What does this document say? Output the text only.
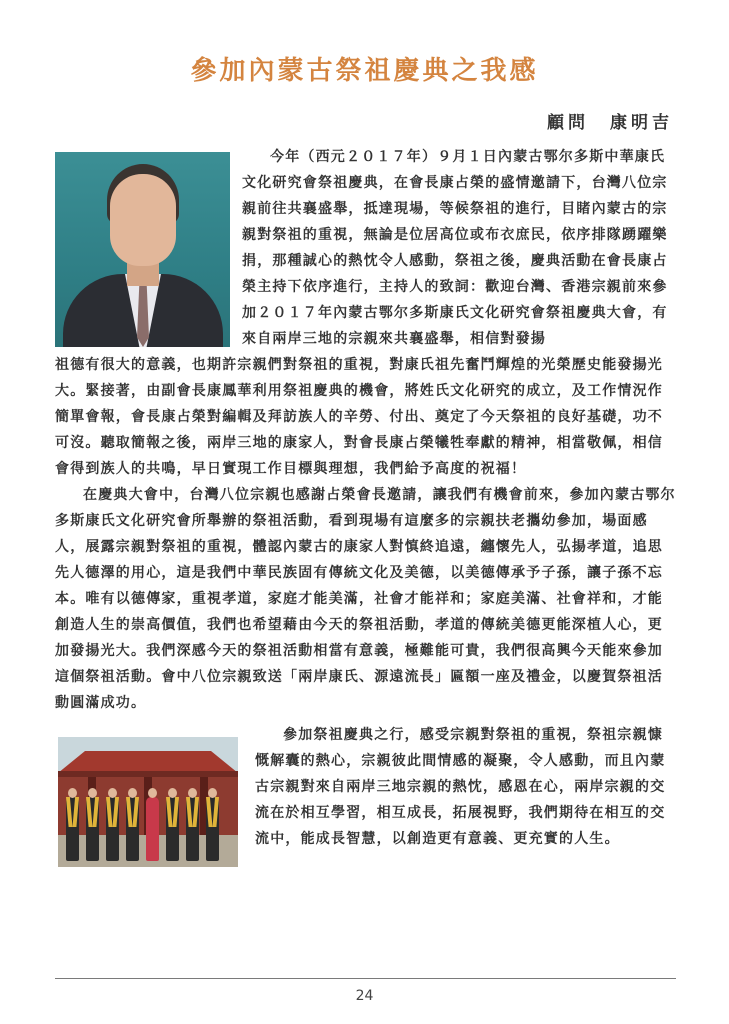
參加內蒙古祭祖慶典之我感
顧問　康明吉

今年（西元２０１７年）９月１日內蒙古鄂尔多斯中華康氏文化研究會祭祖慶典，在會長康占榮的盛情邀請下，台灣八位宗親前往共襄盛舉，抵達現場，等候祭祖的進行，目睹內蒙古的宗親對祭祖的重視，無論是位居高位或布衣庶民，依序排隊踴躍樂捐，那種誠心的熱忱令人感動，祭祖之後，慶典活動在會長康占榮主持下依序進行，主持人的致詞：歡迎台灣、香港宗親前來參加２０１７年內蒙古鄂尔多斯康氏文化研究會祭祖慶典大會，有來自兩岸三地的宗親來共襄盛舉，相信對發揚

祖德有很大的意義，也期許宗親們對祭祖的重視，對康氏祖先奮鬥輝煌的光榮歷史能發揚光大。緊接著，由副會長康鳳華利用祭祖慶典的機會，將姓氏文化研究的成立，及工作情況作簡單會報，會長康占榮對編輯及拜訪族人的辛勞、付出、奠定了今天祭祖的良好基礎，功不可沒。聽取簡報之後，兩岸三地的康家人，對會長康占榮犧牲奉獻的精神，相當敬佩，相信會得到族人的共鳴，早日實現工作目標與理想，我們給予高度的祝福！

在慶典大會中，台灣八位宗親也感謝占榮會長邀請，讓我們有機會前來，參加內蒙古鄂尔多斯康氏文化研究會所舉辦的祭祖活動，看到現場有這麼多的宗親扶老攜幼參加，場面感人，展露宗親對祭祖的重視，體認內蒙古的康家人對慎終追遠，纏懷先人，弘揚孝道，追思先人德澤的用心，這是我們中華民族固有傳統文化及美德，以美德傳承予子孫，讓子孫不忘本。唯有以德傳家，重視孝道，家庭才能美滿，社會才能祥和；家庭美滿、社會祥和，才能創造人生的崇高價值，我們也希望藉由今天的祭祖活動，孝道的傳統美德更能深植人心，更加發揚光大。我們深感今天的祭祖活動相當有意義，極難能可貴，我們很高興今天能來參加這個祭祖活動。會中八位宗親致送「兩岸康氏、源遠流長」匾額一座及禮金，以慶賀祭祖活動圓滿成功。

參加祭祖慶典之行，感受宗親對祭祖的重視，祭祖宗親慷慨解囊的熱心，宗親彼此間情感的凝聚，令人感動，而且內蒙古宗親對來自兩岸三地宗親的熱忱，感恩在心，兩岸宗親的交流在於相互學習，相互成長，拓展視野，我們期待在相互的交流中，能成長智慧，以創造更有意義、更充實的人生。

24
